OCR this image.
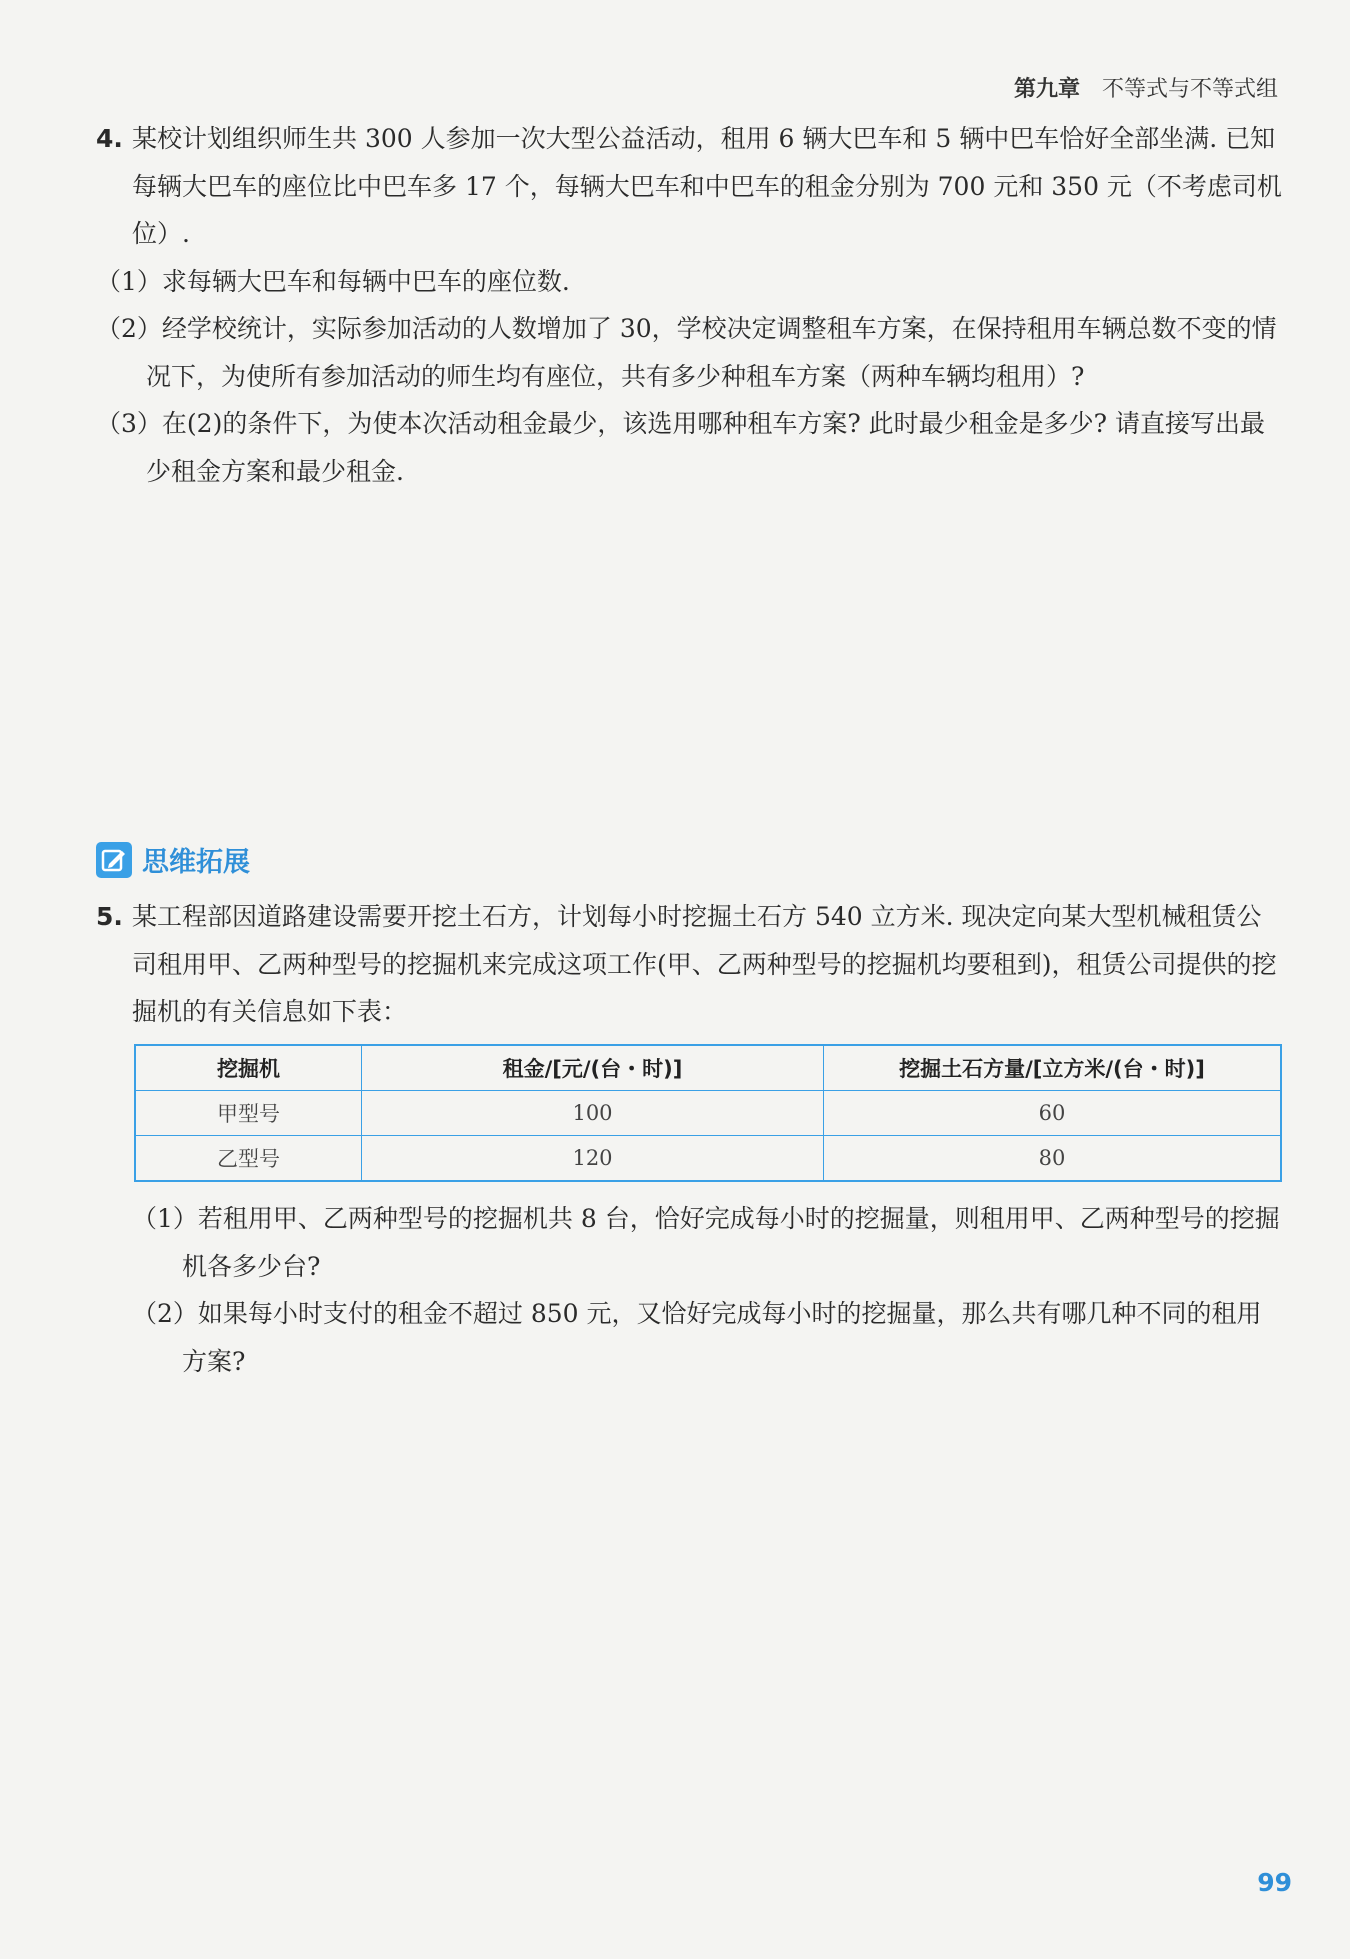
第九章 不等式与不等式组

4. 某校计划组织师生共 300 人参加一次大型公益活动，租用 6 辆大巴车和 5 辆中巴车恰好全部坐满. 已知每辆大巴车的座位比中巴车多 17 个，每辆大巴车和中巴车的租金分别为 700 元和 350 元（不考虑司机位）.

（1）求每辆大巴车和每辆中巴车的座位数.

（2）经学校统计，实际参加活动的人数增加了 30，学校决定调整租车方案，在保持租用车辆总数不变的情况下，为使所有参加活动的师生均有座位，共有多少种租车方案（两种车辆均租用）?

（3）在(2)的条件下，为使本次活动租金最少，该选用哪种租车方案? 此时最少租金是多少? 请直接写出最少租金方案和最少租金.

思维拓展

5. 某工程部因道路建设需要开挖土石方，计划每小时挖掘土石方 540 立方米. 现决定向某大型机械租赁公司租用甲、乙两种型号的挖掘机来完成这项工作(甲、乙两种型号的挖掘机均要租到)，租赁公司提供的挖掘机的有关信息如下表：

挖掘机	租金/[元/(台・时)]	挖掘土石方量/[立方米/(台・时)]
甲型号	100	60
乙型号	120	80

（1）若租用甲、乙两种型号的挖掘机共 8 台，恰好完成每小时的挖掘量，则租用甲、乙两种型号的挖掘机各多少台?

（2）如果每小时支付的租金不超过 850 元，又恰好完成每小时的挖掘量，那么共有哪几种不同的租用方案?

99
